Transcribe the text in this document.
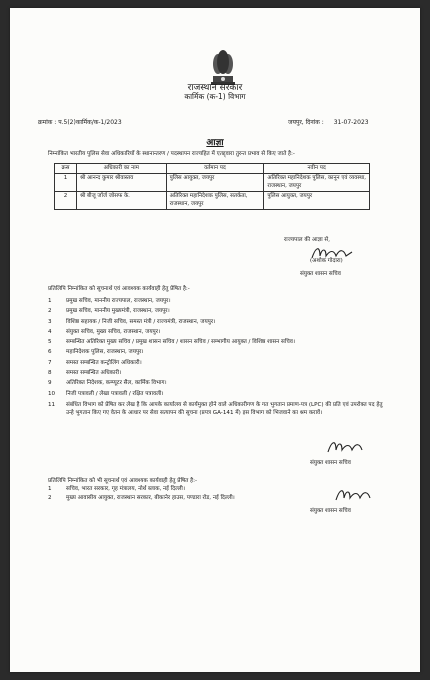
राजस्थान सरकार
कार्मिक (क-1) विभाग
क्रमांक : प.5(2)कार्मिक/क-1/2023	जयपुर, दिनांक : 31-07-2023
आज्ञा
निम्नांकित भारतीय पुलिस सेवा अधिकारियों के स्थानान्तरण / पदस्थापन राज्यहित में एतद्द्वारा तुरन्त प्रभाव से किए जाते है:-
क्रस	अधिकारी का नाम	वर्तमान पद	नवीन पद
1	श्री आनन्द कुमार श्रीवास्तव	पुलिस आयुक्त, जयपुर	अतिरिक्त महानिदेशक पुलिस, कानून एवं व्यवस्था, राजस्थान, जयपुर
2	श्री बीजू जॉर्ज जोसफ के.	अतिरिक्त महानिदेशक पुलिस, सतर्कता, राजस्थान, जयपुर	पुलिस आयुक्त, जयपुर
राज्यपाल की आज्ञा से,
(अशोक गोदारा)
संयुक्त शासन सचिव
प्रतिलिपि निम्नांकित को सूचनार्थ एवं आवश्यक कार्यवाही हेतु प्रेषित है:-
1	प्रमुख सचिव, माननीय राज्यपाल, राजस्थान, जयपुर।
2	प्रमुख सचिव, माननीय मुख्यमंत्री, राजस्थान, जयपुर।
3	विशिष्ठ सहायक / निजी सचिव, समस्त मंत्री / राज्यमंत्री, राजस्थान, जयपुर।
4	संयुक्त सचिव, मुख्य सचिव, राजस्थान, जयपुर।
5	सम्बन्धित अतिरिक्त मुख्य सचिव / प्रमुख शासन सचिव / शासन सचिव / सम्भागीय आयुक्त / विशिष्ठ शासन सचिव।
6	महानिदेशक पुलिस, राजस्थान, जयपुर।
7	समस्त सम्बन्धित कन्ट्रोलिंग अधिकारी।
8	समस्त सम्बन्धित अधिकारी।
9	अतिरिक्त निदेशक, कम्प्यूटर सैल, कार्मिक विभाग।
10 निजी पत्रावली / लेखा पत्रावली / रक्षित पत्रावली।
11 संबंधित विभाग को प्रेषित कर लेख है कि आपके कार्यालय से कार्यमुक्त होने वाले अधिकारीगण के गत भुगतान प्रमाण-पत्र (LPC) की प्रति एवं उपरोक्त पद हेतु उन्हे भुगतान किए गए वेतन के आधार पर सेवा सत्यापन की सूचना (प्रपत्र GA-141 में) इस विभाग को भिजवाने का श्रम करावें।
संयुक्त शासन सचिव
प्रतिलिपि निम्नांकित को भी सूचनार्थ एवं आवश्यक कार्यवाही हेतु प्रेषित है:-
1	सचिव, भारत सरकार, गृह मंत्रालय, नोर्थ ब्लाक, नई दिल्ली।
2	मुख्य आवासीय आयुक्त, राजस्थान सरकार, बीकानेर हाउस, पण्डारा रोड, नई दिल्ली।
संयुक्त शासन सचिव
